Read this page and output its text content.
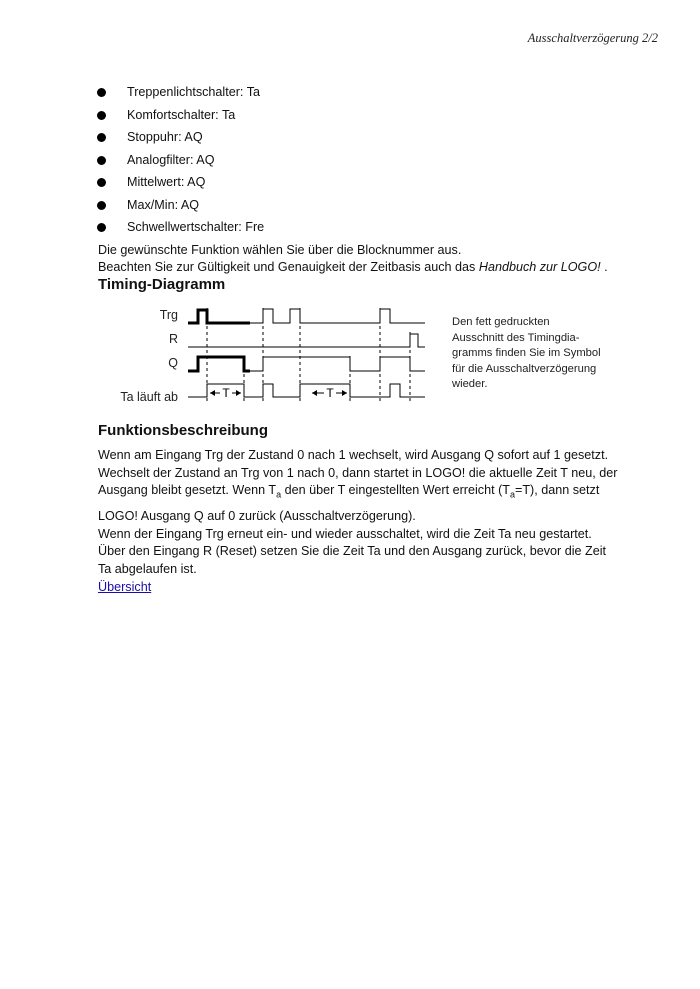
Ausschaltverzögerung 2/2
Treppenlichtschalter: Ta
Komfortschalter: Ta
Stoppuhr: AQ
Analogfilter: AQ
Mittelwert: AQ
Max/Min: AQ
Schwellwertschalter: Fre
Die gewünschte Funktion wählen Sie über die Blocknummer aus.
Beachten Sie zur Gültigkeit und Genauigkeit der Zeitbasis auch das Handbuch zur LOGO! .
Timing-Diagramm
Trg
R
Q
Ta läuft ab	T	T
Den fett gedruckten
Ausschnitt des Timingdia-
gramms finden Sie im Symbol
für die Ausschaltverzögerung
wieder.
Funktionsbeschreibung

Wenn am Eingang Trg der Zustand 0 nach 1 wechselt, wird Ausgang Q sofort auf 1 gesetzt.

Wechselt der Zustand an Trg von 1 nach 0, dann startet in LOGO! die aktuelle Zeit T neu, der

Ausgang bleibt gesetzt. Wenn $T_a$ den über T eingestellten Wert erreicht $(T_a=T)$, dann setzt

LOGO! Ausgang Q auf 0 zurück (Ausschaltverzögerung).

Wenn der Eingang Trg erneut ein- und wieder ausschaltet, wird die Zeit Ta neu gestartet.

Über den Eingang R (Reset) setzen Sie die Zeit Ta und den Ausgang zurück, bevor die Zeit

Ta abgelaufen ist.

Übersicht
